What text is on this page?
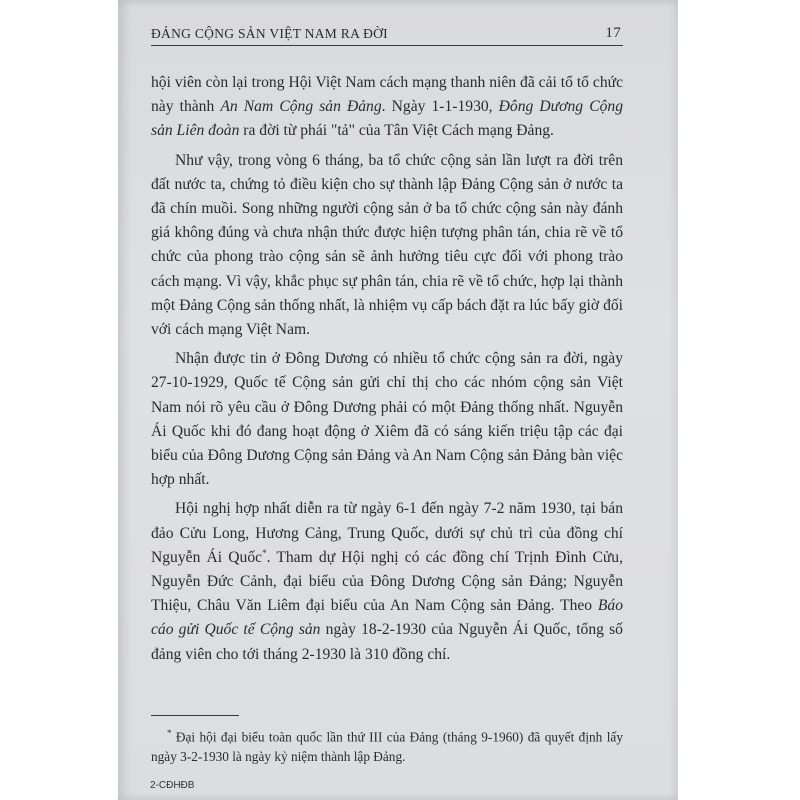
ĐẢNG CỘNG SẢN VIỆT NAM RA ĐỜI	17

hội viên còn lại trong Hội Việt Nam cách mạng thanh niên đã cải tổ tổ chức này thành An Nam Cộng sản Đảng. Ngày 1-1-1930, Đông Dương Cộng sản Liên đoàn ra đời từ phái "tả" của Tân Việt Cách mạng Đảng.

Như vậy, trong vòng 6 tháng, ba tổ chức cộng sản lần lượt ra đời trên đất nước ta, chứng tỏ điều kiện cho sự thành lập Đảng Cộng sản ở nước ta đã chín muồi. Song những người cộng sản ở ba tổ chức cộng sản này đánh giá không đúng và chưa nhận thức được hiện tượng phân tán, chia rẽ về tổ chức của phong trào cộng sản sẽ ảnh hưởng tiêu cực đối với phong trào cách mạng. Vì vậy, khắc phục sự phân tán, chia rẽ về tổ chức, hợp lại thành một Đảng Cộng sản thống nhất, là nhiệm vụ cấp bách đặt ra lúc bấy giờ đối với cách mạng Việt Nam.

Nhận được tin ở Đông Dương có nhiều tổ chức cộng sản ra đời, ngày 27-10-1929, Quốc tế Cộng sản gửi chỉ thị cho các nhóm cộng sản Việt Nam nói rõ yêu cầu ở Đông Dương phải có một Đảng thống nhất. Nguyễn Ái Quốc khi đó đang hoạt động ở Xiêm đã có sáng kiến triệu tập các đại biểu của Đông Dương Cộng sản Đảng và An Nam Cộng sản Đảng bàn việc hợp nhất.

Hội nghị hợp nhất diễn ra từ ngày 6-1 đến ngày 7-2 năm 1930, tại bán đảo Cửu Long, Hương Cảng, Trung Quốc, dưới sự chủ trì của đồng chí Nguyễn Ái Quốc*. Tham dự Hội nghị có các đồng chí Trịnh Đình Cửu, Nguyễn Đức Cảnh, đại biểu của Đông Dương Cộng sản Đảng; Nguyễn Thiệu, Châu Văn Liêm đại biểu của An Nam Cộng sản Đảng. Theo Báo cáo gửi Quốc tế Cộng sản ngày 18-2-1930 của Nguyễn Ái Quốc, tổng số đảng viên cho tới tháng 2-1930 là 310 đồng chí.

* Đại hội đại biểu toàn quốc lần thứ III của Đảng (tháng 9-1960) đã quyết định lấy ngày 3-2-1930 là ngày kỷ niệm thành lập Đảng.

2-CĐHĐB
